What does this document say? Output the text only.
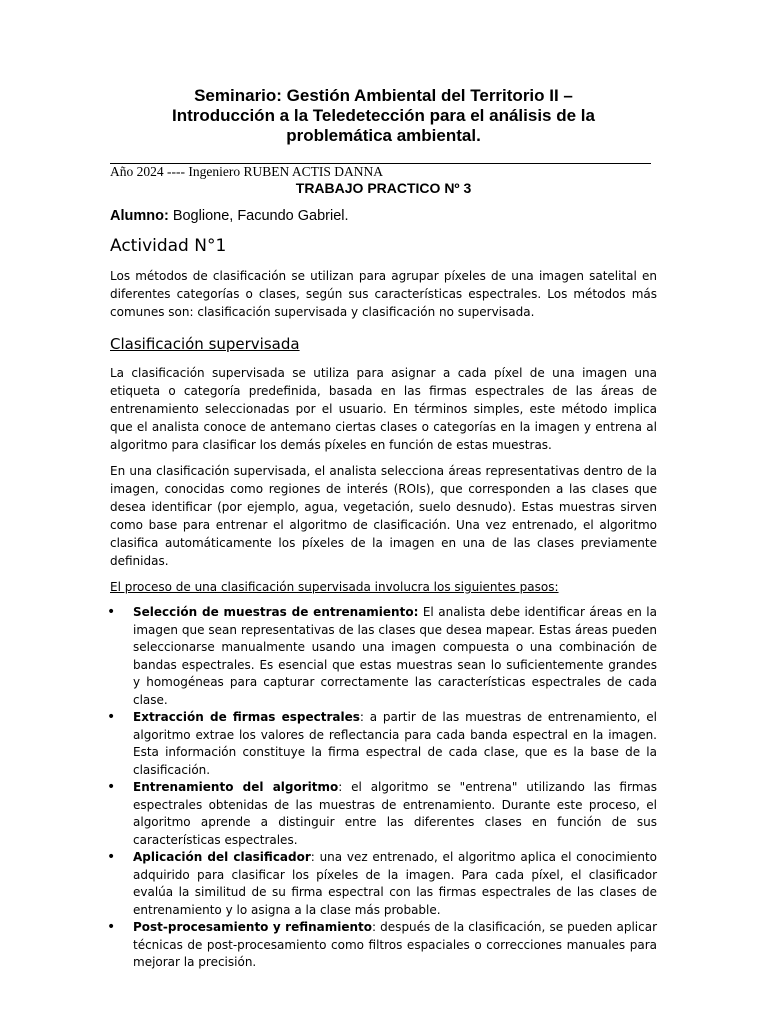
Seminario: Gestión Ambiental del Territorio II –
Introducción a la Teledetección para el análisis de la
problemática ambiental.
Año 2024 ---- Ingeniero RUBEN ACTIS DANNA
TRABAJO PRACTICO Nº 3
Alumno: Boglione, Facundo Gabriel.
Actividad N°1

Los métodos de clasificación se utilizan para agrupar píxeles de una imagen satelital en diferentes categorías o clases, según sus características espectrales. Los métodos más comunes son: clasificación supervisada y clasificación no supervisada.

Clasificación supervisada

La clasificación supervisada se utiliza para asignar a cada píxel de una imagen una etiqueta o categoría predefinida, basada en las firmas espectrales de las áreas de entrenamiento seleccionadas por el usuario. En términos simples, este método implica que el analista conoce de antemano ciertas clases o categorías en la imagen y entrena al algoritmo para clasificar los demás píxeles en función de estas muestras.

En una clasificación supervisada, el analista selecciona áreas representativas dentro de la imagen, conocidas como regiones de interés (ROIs), que corresponden a las clases que desea identificar (por ejemplo, agua, vegetación, suelo desnudo). Estas muestras sirven como base para entrenar el algoritmo de clasificación. Una vez entrenado, el algoritmo clasifica automáticamente los píxeles de la imagen en una de las clases previamente definidas.

El proceso de una clasificación supervisada involucra los siguientes pasos:
• Selección de muestras de entrenamiento: El analista debe identificar áreas en la imagen que sean representativas de las clases que desea mapear. Estas áreas pueden seleccionarse manualmente usando una imagen compuesta o una combinación de bandas espectrales. Es esencial que estas muestras sean lo suficientemente grandes y homogéneas para capturar correctamente las características espectrales de cada clase.
• Extracción de firmas espectrales: a partir de las muestras de entrenamiento, el algoritmo extrae los valores de reflectancia para cada banda espectral en la imagen. Esta información constituye la firma espectral de cada clase, que es la base de la clasificación.
• Entrenamiento del algoritmo: el algoritmo se "entrena" utilizando las firmas espectrales obtenidas de las muestras de entrenamiento. Durante este proceso, el algoritmo aprende a distinguir entre las diferentes clases en función de sus características espectrales.
• Aplicación del clasificador: una vez entrenado, el algoritmo aplica el conocimiento adquirido para clasificar los píxeles de la imagen. Para cada píxel, el clasificador evalúa la similitud de su firma espectral con las firmas espectrales de las clases de entrenamiento y lo asigna a la clase más probable.
• Post-procesamiento y refinamiento: después de la clasificación, se pueden aplicar técnicas de post-procesamiento como filtros espaciales o correcciones manuales para mejorar la precisión.
